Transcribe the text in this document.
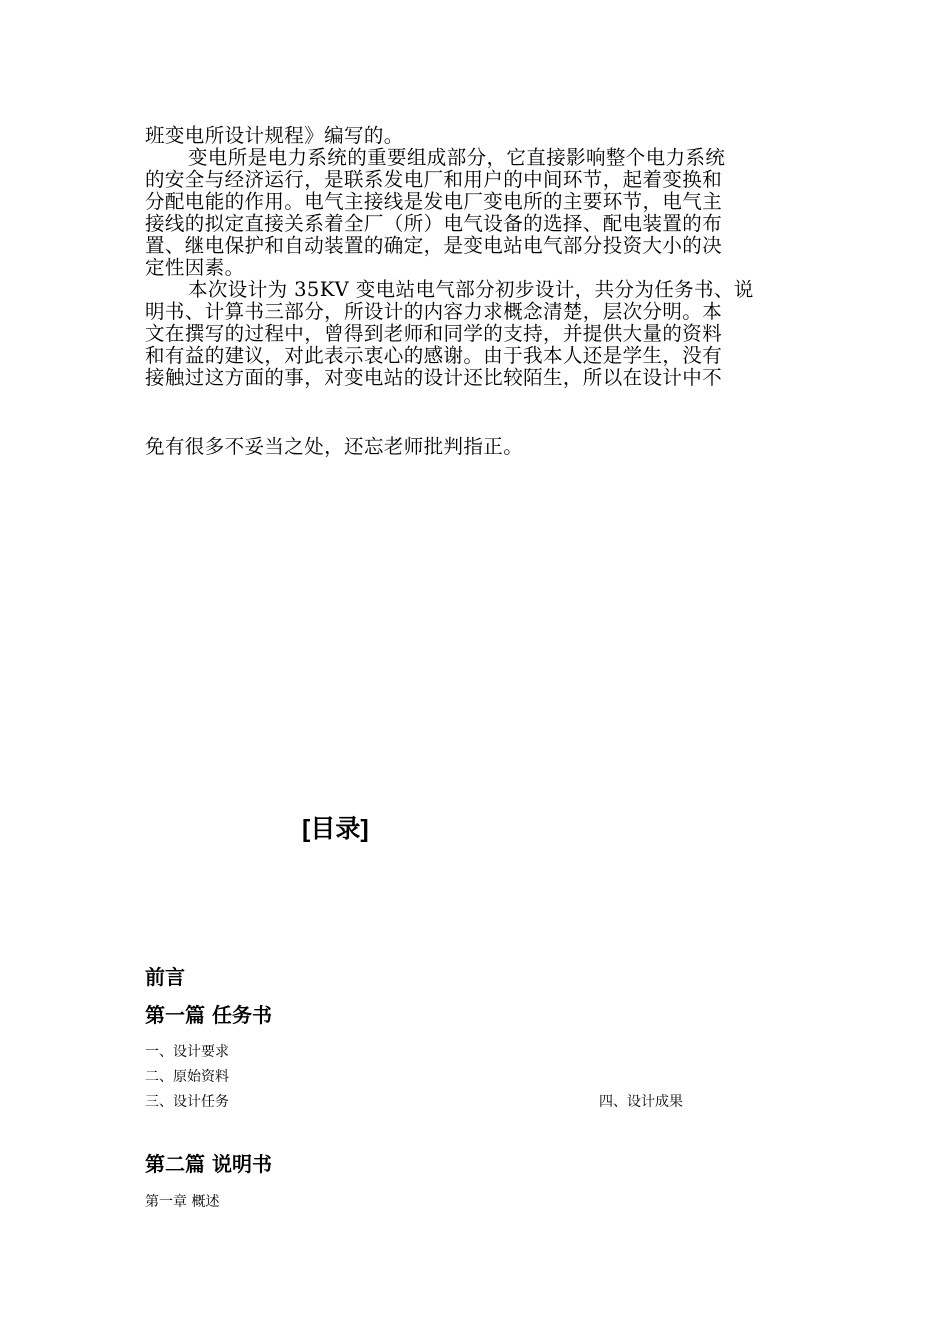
班变电所设计规程》编写的。
变电所是电力系统的重要组成部分，它直接影响整个电力系统
的安全与经济运行，是联系发电厂和用户的中间环节，起着变换和
分配电能的作用。电气主接线是发电厂变电所的主要环节，电气主
接线的拟定直接关系着全厂（所）电气设备的选择、配电装置的布
置、继电保护和自动装置的确定，是变电站电气部分投资大小的决
定性因素。
本次设计为 35KV 变电站电气部分初步设计，共分为任务书、说
明书、计算书三部分，所设计的内容力求概念清楚，层次分明。本
文在撰写的过程中，曾得到老师和同学的支持，并提供大量的资料
和有益的建议，对此表示衷心的感谢。由于我本人还是学生，没有
接触过这方面的事，对变电站的设计还比较陌生，所以在设计中不
免有很多不妥当之处，还忘老师批判指正。
[目录]
前言
第一篇 任务书
一、设计要求
二、原始资料
三、设计任务	四、设计成果
第二篇 说明书
第一章 概述
